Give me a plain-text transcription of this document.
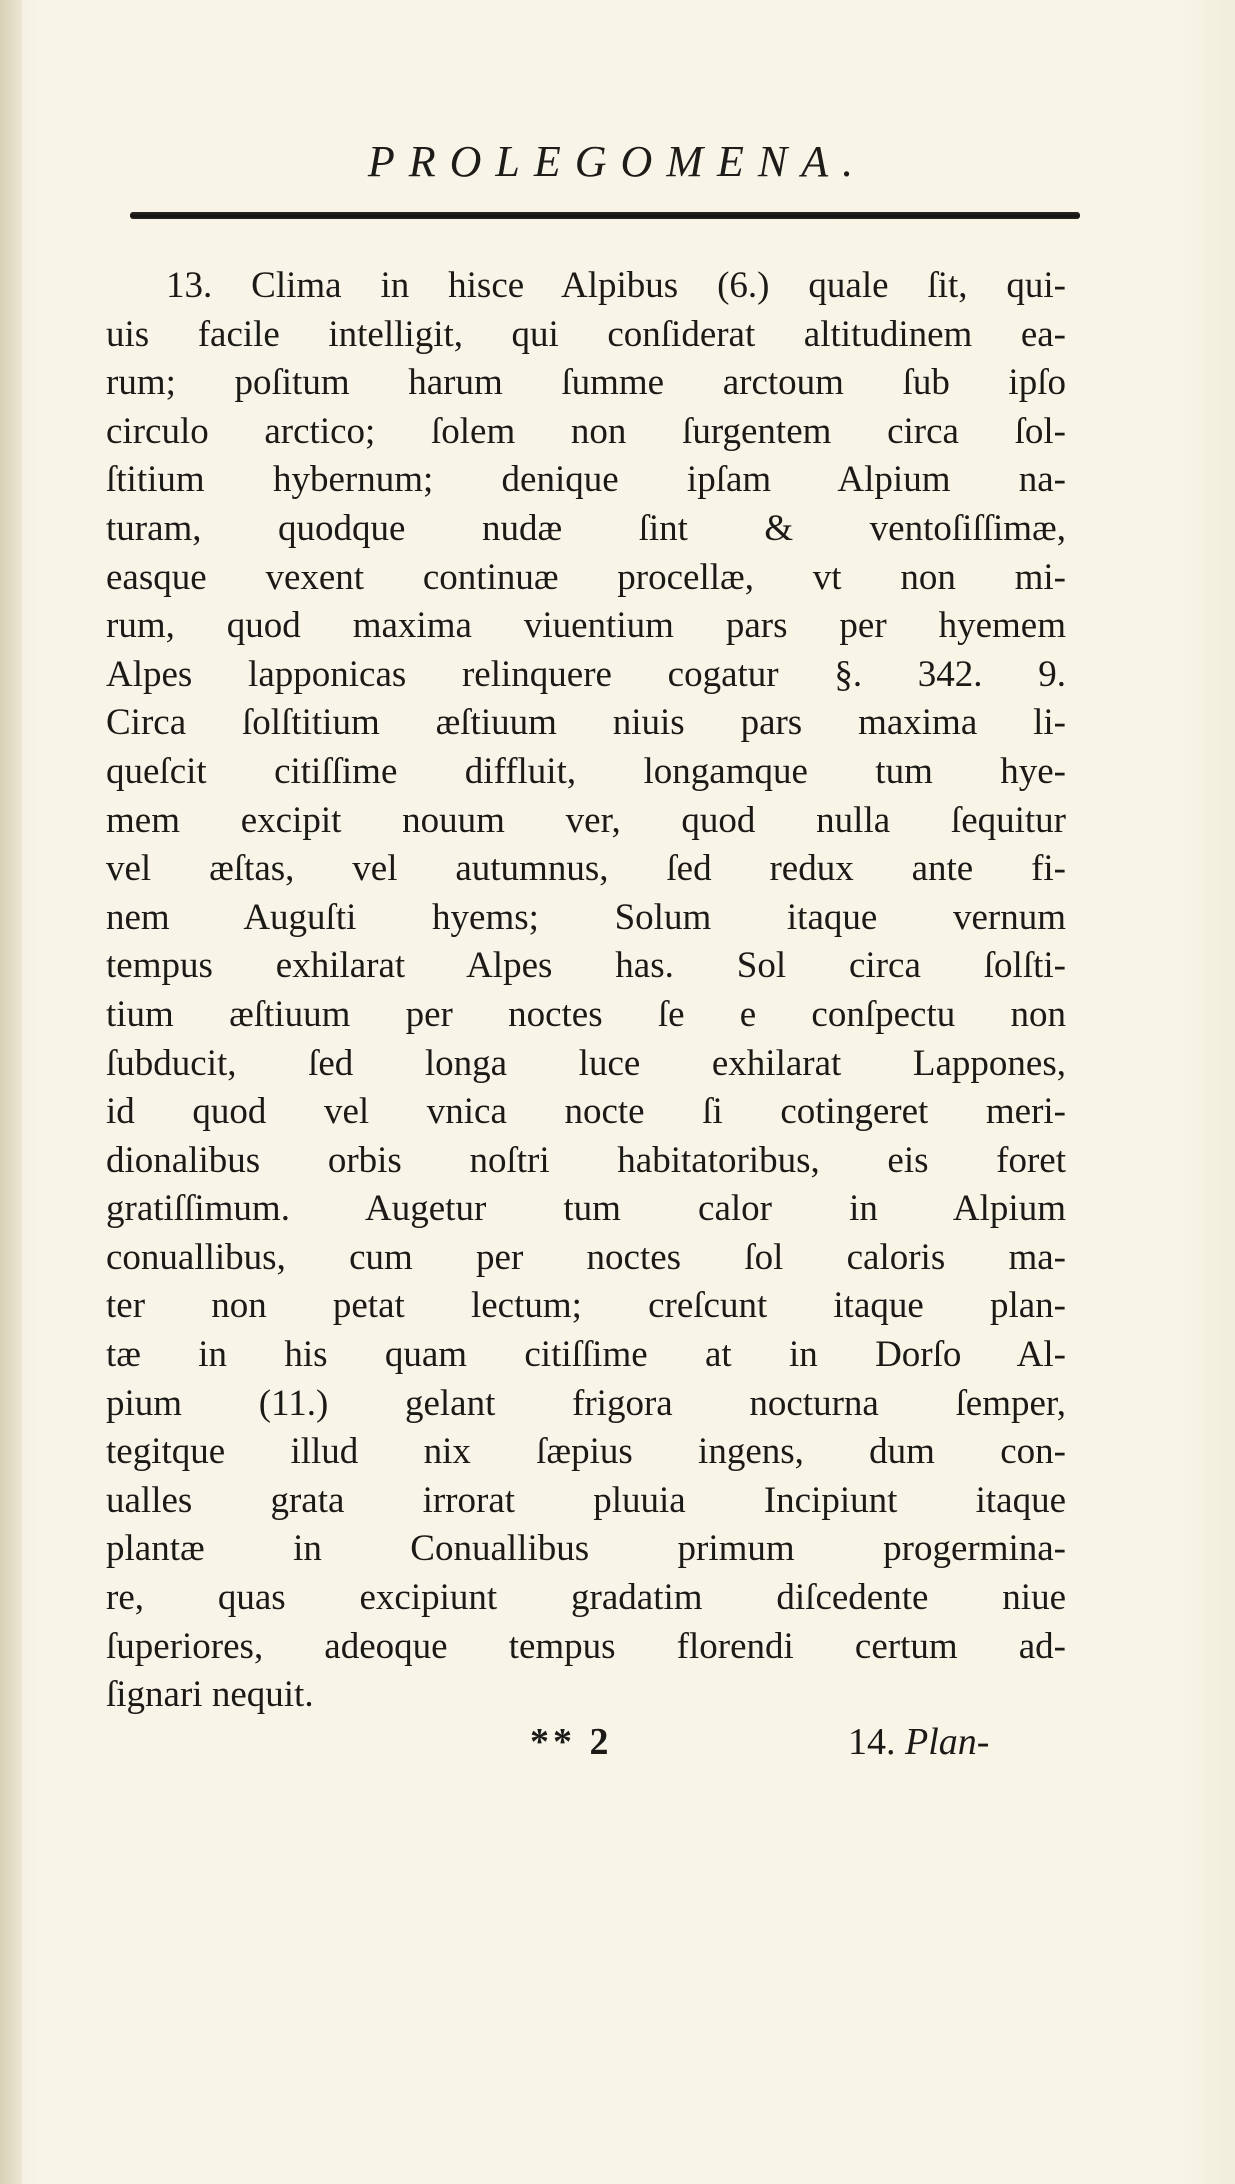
PROLEGOMENA.
13. Clima in hisce Alpibus (6.) quale ſit, qui-
uis facile intelligit, qui conſiderat altitudinem ea-
rum; poſitum harum ſumme arctoum ſub ipſo
circulo arctico; ſolem non ſurgentem circa ſol-
ſtitium hybernum; denique ipſam Alpium na-
turam, quodque nudæ ſint & ventoſiſſimæ,
easque vexent continuæ procellæ, vt non mi-
rum, quod maxima viuentium pars per hyemem
Alpes lapponicas relinquere cogatur §. 342. 9.
Circa ſolſtitium æſtiuum niuis pars maxima li-
queſcit citiſſime diffluit, longamque tum hye-
mem excipit nouum ver, quod nulla ſequitur
vel æſtas, vel autumnus, ſed redux ante fi-
nem Auguſti hyems; Solum itaque vernum
tempus exhilarat Alpes has. Sol circa ſolſti-
tium æſtiuum per noctes ſe e conſpectu non
ſubducit, ſed longa luce exhilarat Lappones,
id quod vel vnica nocte ſi cotingeret meri-
dionalibus orbis noſtri habitatoribus, eis foret
gratiſſimum. Augetur tum calor in Alpium
conuallibus, cum per noctes ſol caloris ma-
ter non petat lectum; creſcunt itaque plan-
tæ in his quam citiſſime at in Dorſo Al-
pium (11.) gelant frigora nocturna ſemper,
tegitque illud nix ſæpius ingens, dum con-
ualles grata irrorat pluuia Incipiunt itaque
plantæ in Conuallibus primum progerminа-
re, quas excipiunt gradatim diſcedente niue
ſuperiores, adeoque tempus florendi certum ad-
ſignari nequit.
** 2	14. Plan-
